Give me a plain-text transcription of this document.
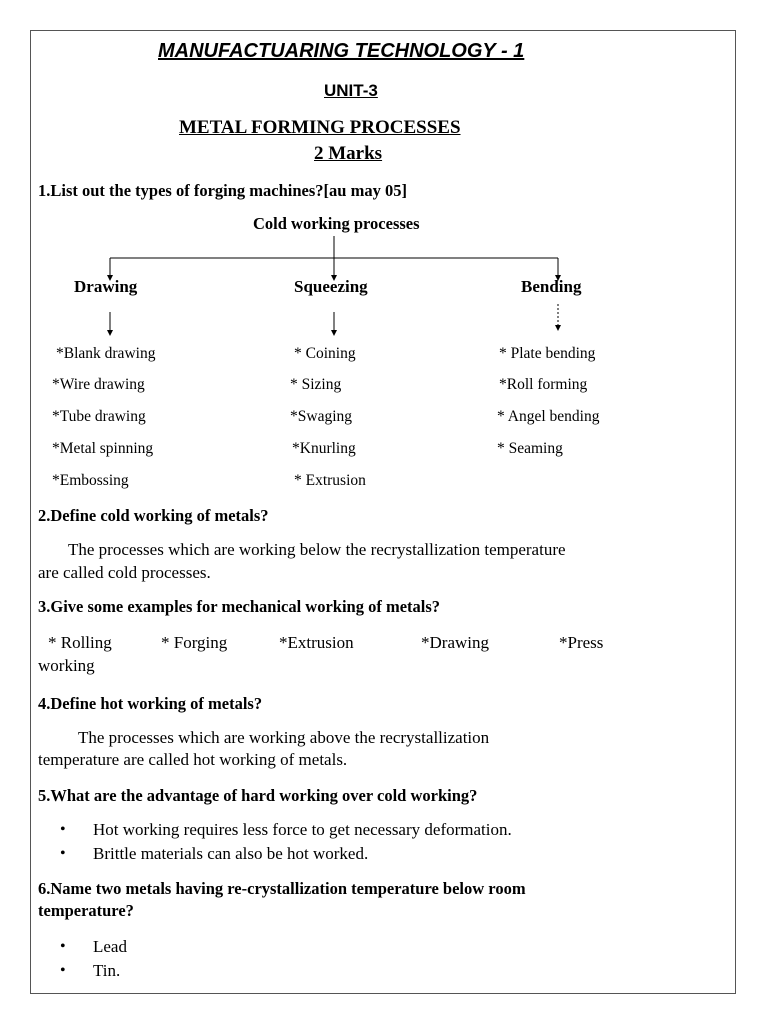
MANUFACTUARING TECHNOLOGY - 1
UNIT-3
METAL FORMING PROCESSES
2 Marks
1.List out the types of forging machines?[au may 05]
Cold working processes
Drawing	Squeezing	Bending
*Blank drawing
*Wire drawing
*Tube drawing
*Metal spinning
*Embossing
* Coining
* Sizing
*Swaging
*Knurling
* Extrusion
* Plate bending
*Roll forming
* Angel bending
* Seaming
2.Define cold working of metals?
The processes which are working below the recrystallization temperature
are called cold processes.
3.Give some examples for mechanical working of metals?
* Rolling	* Forging	*Extrusion	*Drawing	*Press
working
4.Define hot working of metals?
The processes which are working above the recrystallization
temperature are called hot working of metals.
5.What are the advantage of hard working over cold working?
• Hot working requires less force to get necessary deformation.
• Brittle materials can also be hot worked.
6.Name two metals having re-crystallization temperature below room
temperature?
• Lead
• Tin.
